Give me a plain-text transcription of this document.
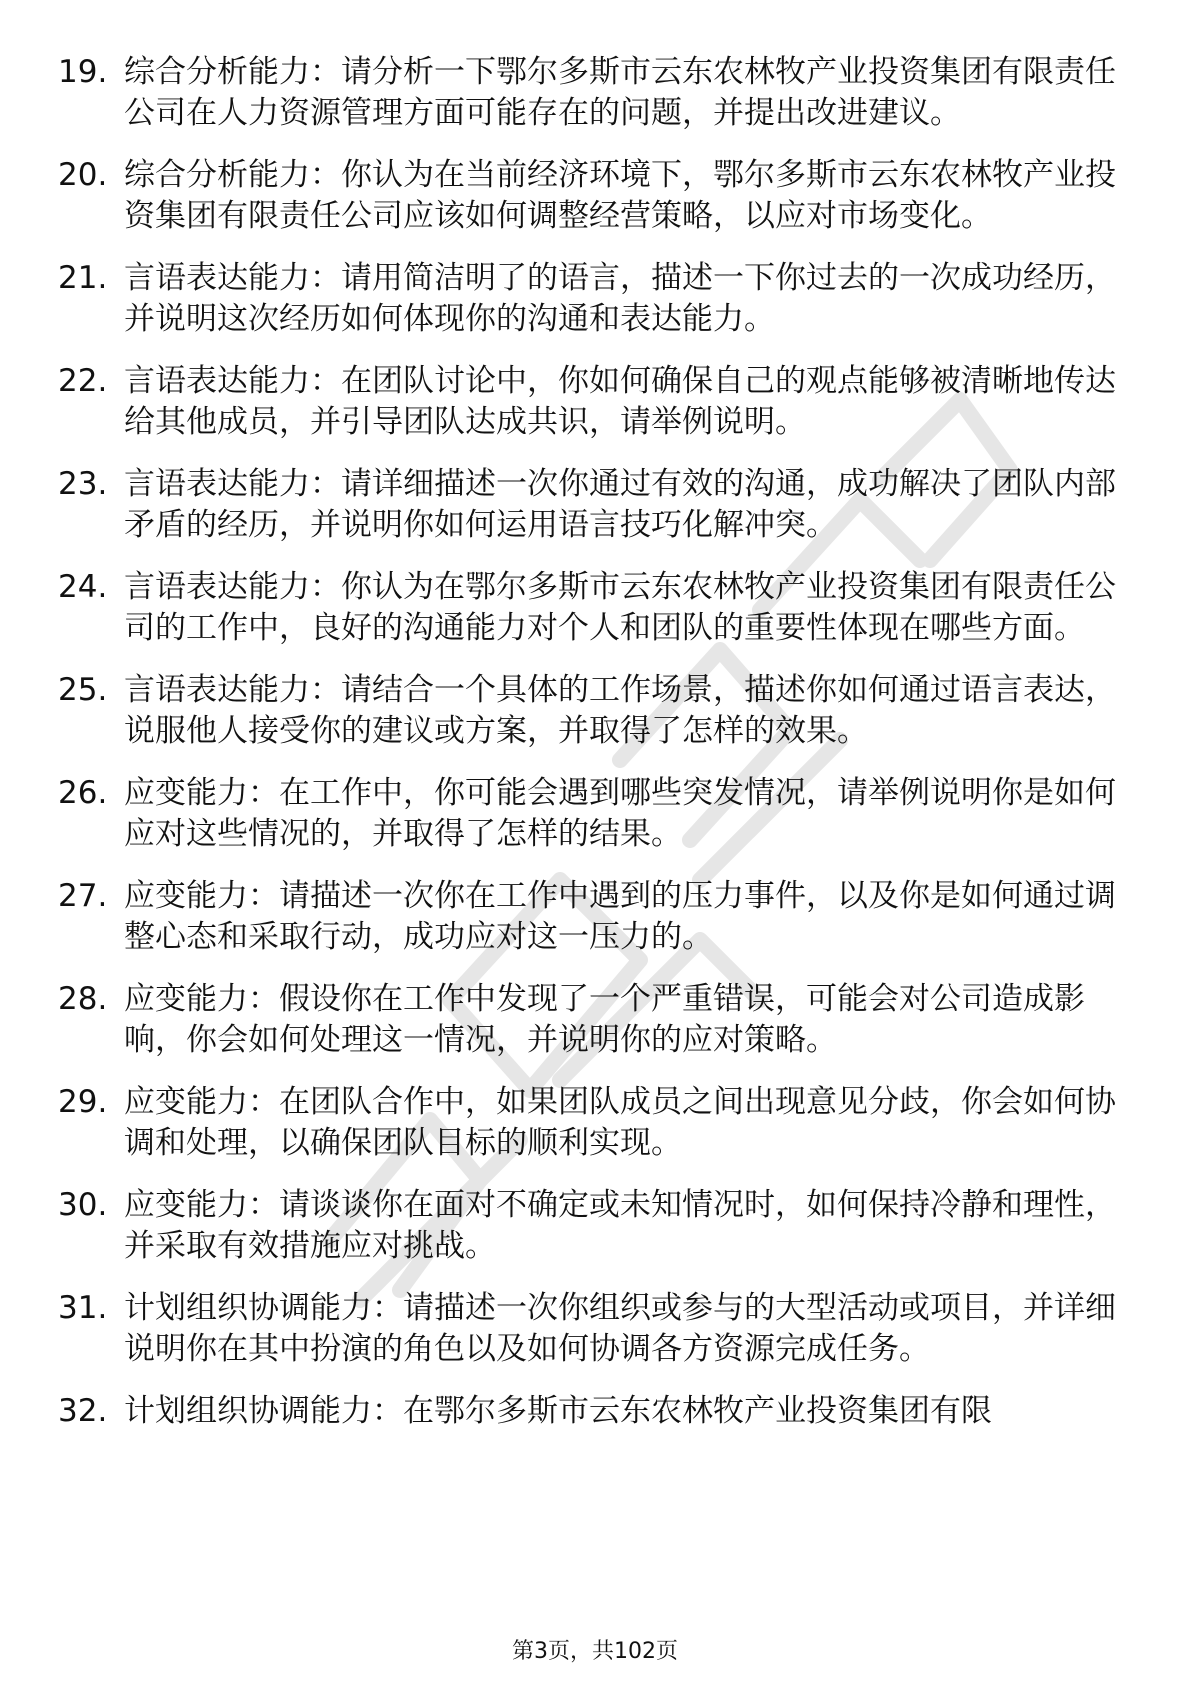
19. 综合分析能力：请分析一下鄂尔多斯市云东农林牧产业投资集团有限责任公司在人力资源管理方面可能存在的问题，并提出改进建议。
20. 综合分析能力：你认为在当前经济环境下，鄂尔多斯市云东农林牧产业投资集团有限责任公司应该如何调整经营策略，以应对市场变化。
21. 言语表达能力：请用简洁明了的语言，描述一下你过去的一次成功经历，并说明这次经历如何体现你的沟通和表达能力。
22. 言语表达能力：在团队讨论中，你如何确保自己的观点能够被清晰地传达给其他成员，并引导团队达成共识，请举例说明。
23. 言语表达能力：请详细描述一次你通过有效的沟通，成功解决了团队内部矛盾的经历，并说明你如何运用语言技巧化解冲突。
24. 言语表达能力：你认为在鄂尔多斯市云东农林牧产业投资集团有限责任公司的工作中，良好的沟通能力对个人和团队的重要性体现在哪些方面。
25. 言语表达能力：请结合一个具体的工作场景，描述你如何通过语言表达，说服他人接受你的建议或方案，并取得了怎样的效果。
26. 应变能力：在工作中，你可能会遇到哪些突发情况，请举例说明你是如何应对这些情况的，并取得了怎样的结果。
27. 应变能力：请描述一次你在工作中遇到的压力事件，以及你是如何通过调整心态和采取行动，成功应对这一压力的。
28. 应变能力：假设你在工作中发现了一个严重错误，可能会对公司造成影响，你会如何处理这一情况，并说明你的应对策略。
29. 应变能力：在团队合作中，如果团队成员之间出现意见分歧，你会如何协调和处理，以确保团队目标的顺利实现。
30. 应变能力：请谈谈你在面对不确定或未知情况时，如何保持冷静和理性，并采取有效措施应对挑战。
31. 计划组织协调能力：请描述一次你组织或参与的大型活动或项目，并详细说明你在其中扮演的角色以及如何协调各方资源完成任务。
32. 计划组织协调能力：在鄂尔多斯市云东农林牧产业投资集团有限
第3页，共102页
